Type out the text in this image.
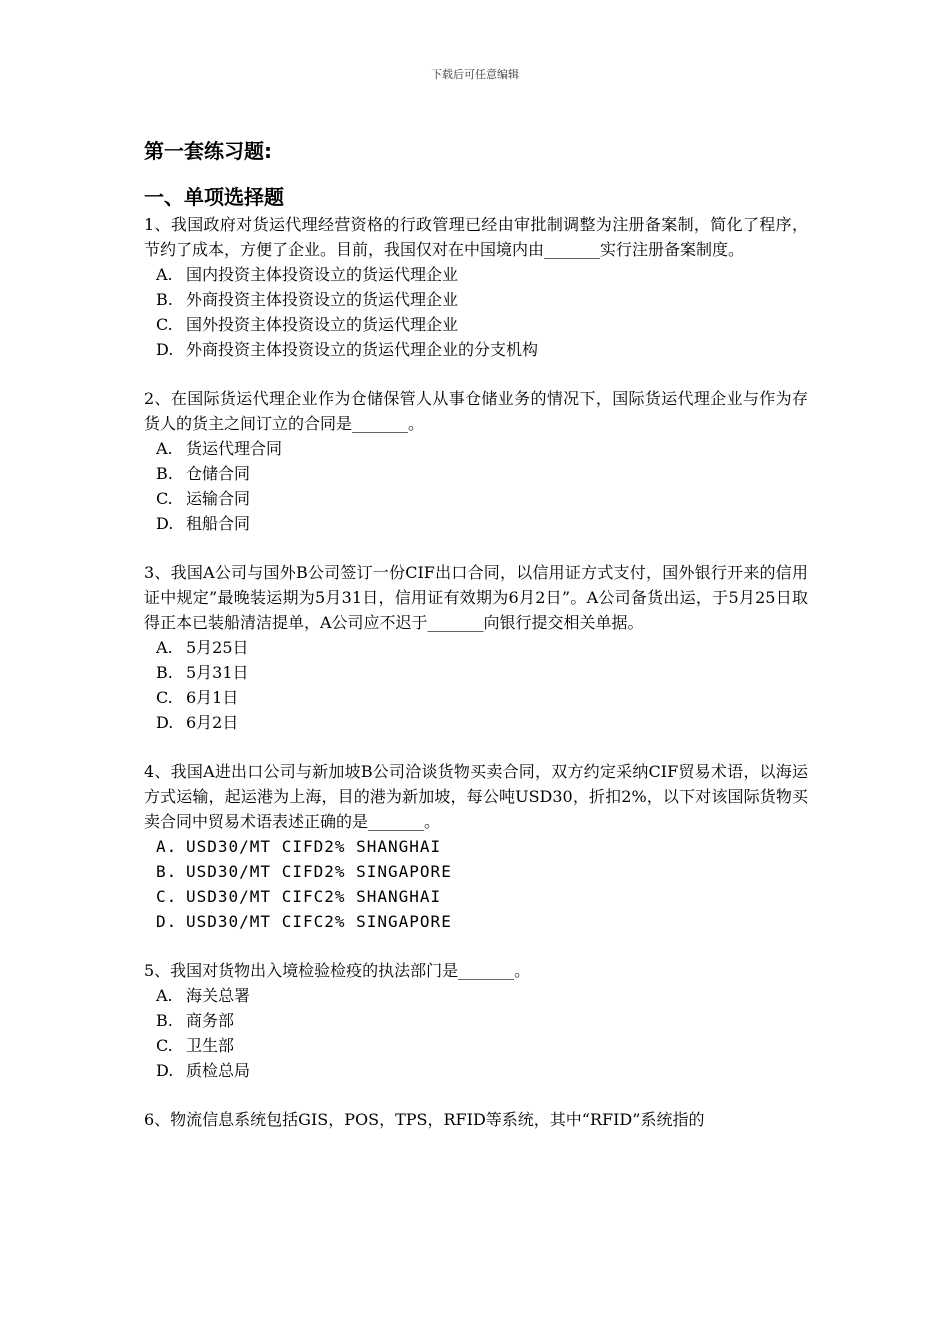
下载后可任意编辑
第一套练习题:
一、单项选择题

1、我国政府对货运代理经营资格的行政管理已经由审批制调整为注册备案制，简化了程序，节约了成本，方便了企业。目前，我国仅对在中国境内由_______实行注册备案制度。

A. 国内投资主体投资设立的货运代理企业
B. 外商投资主体投资设立的货运代理企业
C. 国外投资主体投资设立的货运代理企业
D. 外商投资主体投资设立的货运代理企业的分支机构

2、在国际货运代理企业作为仓储保管人从事仓储业务的情况下，国际货运代理企业与作为存货人的货主之间订立的合同是_______。

A. 货运代理合同
B. 仓储合同
C. 运输合同
D. 租船合同

3、我国A公司与国外B公司签订一份CIF出口合同，以信用证方式支付，国外银行开来的信用证中规定”最晚装运期为5月31日，信用证有效期为6月2日”。A公司备货出运，于5月25日取得正本已装船清洁提单，A公司应不迟于_______向银行提交相关单据。

A. 5月25日
B. 5月31日
C. 6月1日
D. 6月2日

4、我国A进出口公司与新加坡B公司洽谈货物买卖合同，双方约定采纳CIF贸易术语，以海运方式运输，起运港为上海，目的港为新加坡，每公吨USD30，折扣2%，以下对该国际货物买卖合同中贸易术语表述正确的是_______。

A. USD30/MT CIFD2% SHANGHAI
B. USD30/MT CIFD2% SINGAPORE
C. USD30/MT CIFC2% SHANGHAI
D. USD30/MT CIFC2% SINGAPORE

5、我国对货物出入境检验检疫的执法部门是_______。

A. 海关总署
B. 商务部
C. 卫生部
D. 质检总局

6、物流信息系统包括GIS，POS，TPS，RFID等系统，其中“RFID”系统指的
